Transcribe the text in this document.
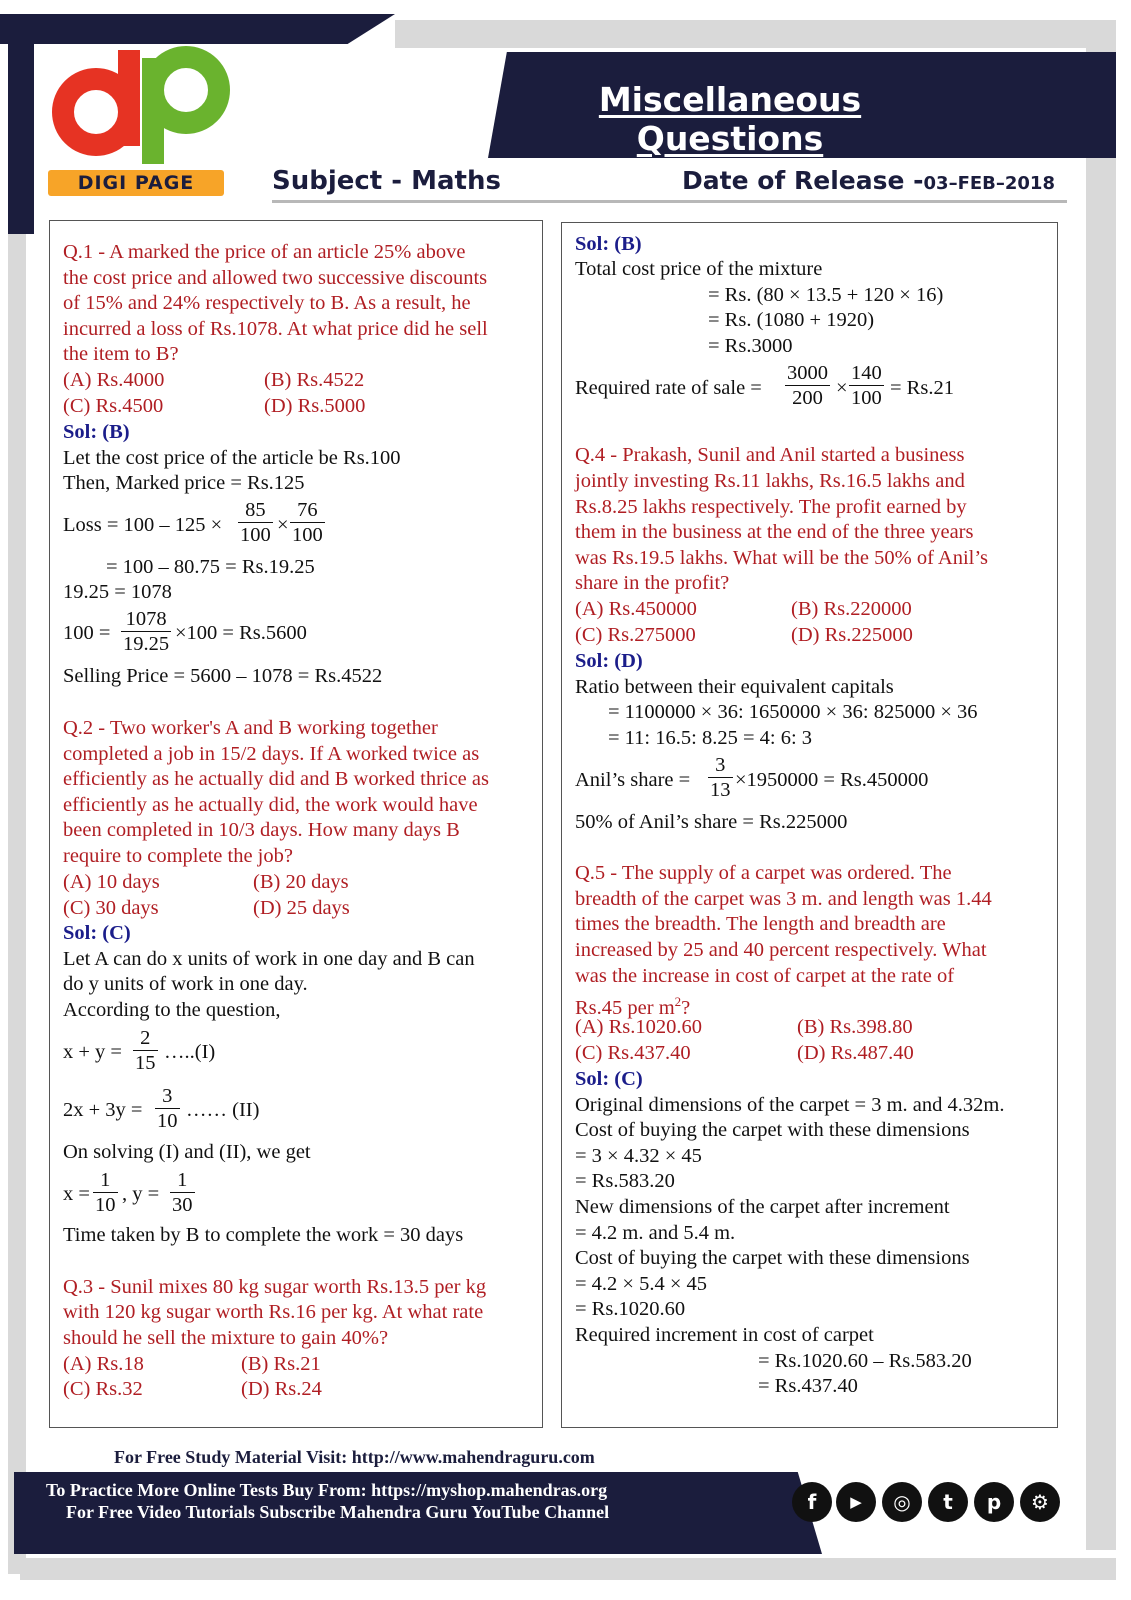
Miscellaneous Questions
DIGI PAGE	Subject - Maths	Date of Release -03–FEB–2018
Q.1 - A marked the price of an article 25% above
the cost price and allowed two successive discounts
of 15% and 24% respectively to B. As a result, he
incurred a loss of Rs.1078. At what price did he sell
the item to B?
(A) Rs.4000	(B) Rs.4522
(C) Rs.4500	(D) Rs.5000
Sol: (B)
Let the cost price of the article be Rs.100
Then, Marked price = Rs.125
Loss = $100 - 125 \times \frac{85}{100} \times \frac{76}{100}$
= 100 – 80.75 = Rs.19.25
19.25 = 1078
$100 = \frac{1078}{19.25} \times 100 = Rs.5600$
Selling Price = 5600 – 1078 = Rs.4522
Q.2 - Two worker's A and B working together
completed a job in 15/2 days. If A worked twice as
efficiently as he actually did and B worked thrice as
efficiently as he actually did, the work would have
been completed in 10/3 days. How many days B
require to complete the job?
(A) 10 days	(B) 20 days
(C) 30 days	(D) 25 days
Sol: (C)
Let A can do x units of work in one day and B can
do y units of work in one day.
According to the question,
$x + y = \frac{2}{15}$ …..(I)
$2x + 3y = \frac{3}{10}$ …… (II)
On solving (I) and (II), we get
$x = \frac{1}{10}$ , $y = \frac{1}{30}$
Time taken by B to complete the work = 30 days
Q.3 - Sunil mixes 80 kg sugar worth Rs.13.5 per kg
with 120 kg sugar worth Rs.16 per kg. At what rate
should he sell the mixture to gain 40%?
(A) Rs.18	(B) Rs.21
(C) Rs.32	(D) Rs.24
Sol: (B)
Total cost price of the mixture
= Rs. (80 × 13.5 + 120 × 16)
= Rs. (1080 + 1920)
= Rs.3000
Required rate of sale = $\frac{3000}{200} \times \frac{140}{100} = Rs.21$
Q.4 - Prakash, Sunil and Anil started a business
jointly investing Rs.11 lakhs, Rs.16.5 lakhs and
Rs.8.25 lakhs respectively. The profit earned by
them in the business at the end of the three years
was Rs.19.5 lakhs. What will be the 50% of Anil’s
share in the profit?
(A) Rs.450000	(B) Rs.220000
(C) Rs.275000	(D) Rs.225000
Sol: (D)
Ratio between their equivalent capitals
= 1100000 × 36: 1650000 × 36: 825000 × 36
= 11: 16.5: 8.25 = 4: 6: 3
Anil’s share = $\frac{3}{13} \times 1950000 = Rs.450000$
50% of Anil’s share = Rs.225000
Q.5 - The supply of a carpet was ordered. The
breadth of the carpet was 3 m. and length was 1.44
times the breadth. The length and breadth are
increased by 25 and 40 percent respectively. What
was the increase in cost of carpet at the rate of
Rs.45 per $m^2$?
(A) Rs.1020.60	(B) Rs.398.80
(C) Rs.437.40	(D) Rs.487.40
Sol: (C)
Original dimensions of the carpet = 3 m. and 4.32m.
Cost of buying the carpet with these dimensions
= 3 × 4.32 × 45
= Rs.583.20
New dimensions of the carpet after increment
= 4.2 m. and 5.4 m.
Cost of buying the carpet with these dimensions
= 4.2 × 5.4 × 45
= Rs.1020.60
Required increment in cost of carpet
= Rs.1020.60 – Rs.583.20
= Rs.437.40
For Free Study Material Visit: http://www.mahendraguru.com
To Practice More Online Tests Buy From: https://myshop.mahendras.org
For Free Video Tutorials Subscribe Mahendra Guru YouTube Channel	f	▶	◎	t	p	⚙
